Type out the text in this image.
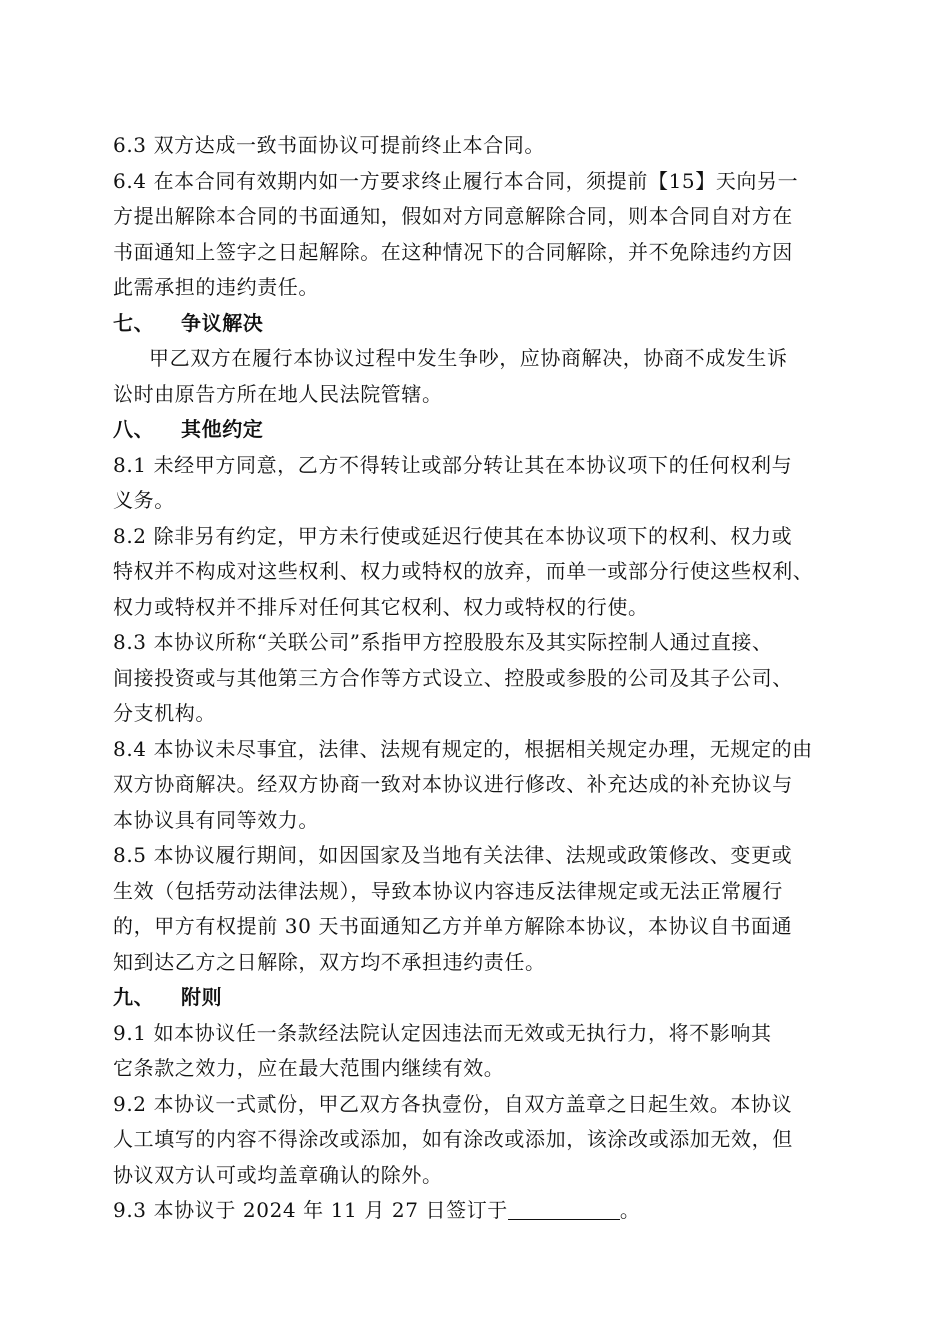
6.3 双方达成一致书面协议可提前终止本合同。
6.4 在本合同有效期内如一方要求终止履行本合同，须提前【15】天向另一
方提出解除本合同的书面通知，假如对方同意解除合同，则本合同自对方在
书面通知上签字之日起解除。在这种情况下的合同解除，并不免除违约方因
此需承担的违约责任。
七、 争议解决
甲乙双方在履行本协议过程中发生争吵，应协商解决，协商不成发生诉
讼时由原告方所在地人民法院管辖。
八、 其他约定
8.1 未经甲方同意，乙方不得转让或部分转让其在本协议项下的任何权利与
义务。
8.2 除非另有约定，甲方未行使或延迟行使其在本协议项下的权利、权力或
特权并不构成对这些权利、权力或特权的放弃，而单一或部分行使这些权利、
权力或特权并不排斥对任何其它权利、权力或特权的行使。
8.3 本协议所称“关联公司”系指甲方控股股东及其实际控制人通过直接、
间接投资或与其他第三方合作等方式设立、控股或参股的公司及其子公司、
分支机构。
8.4 本协议未尽事宜，法律、法规有规定的，根据相关规定办理，无规定的由
双方协商解决。经双方协商一致对本协议进行修改、补充达成的补充协议与
本协议具有同等效力。
8.5 本协议履行期间，如因国家及当地有关法律、法规或政策修改、变更或
生效（包括劳动法律法规），导致本协议内容违反法律规定或无法正常履行
的，甲方有权提前 30 天书面通知乙方并单方解除本协议，本协议自书面通
知到达乙方之日解除，双方均不承担违约责任。
九、 附则
9.1 如本协议任一条款经法院认定因违法而无效或无执行力，将不影响其
它条款之效力，应在最大范围内继续有效。
9.2 本协议一式贰份，甲乙双方各执壹份，自双方盖章之日起生效。本协议
人工填写的内容不得涂改或添加，如有涂改或添加，该涂改或添加无效，但
协议双方认可或均盖章确认的除外。
9.3 本协议于 2024 年 11 月 27 日签订于	。
